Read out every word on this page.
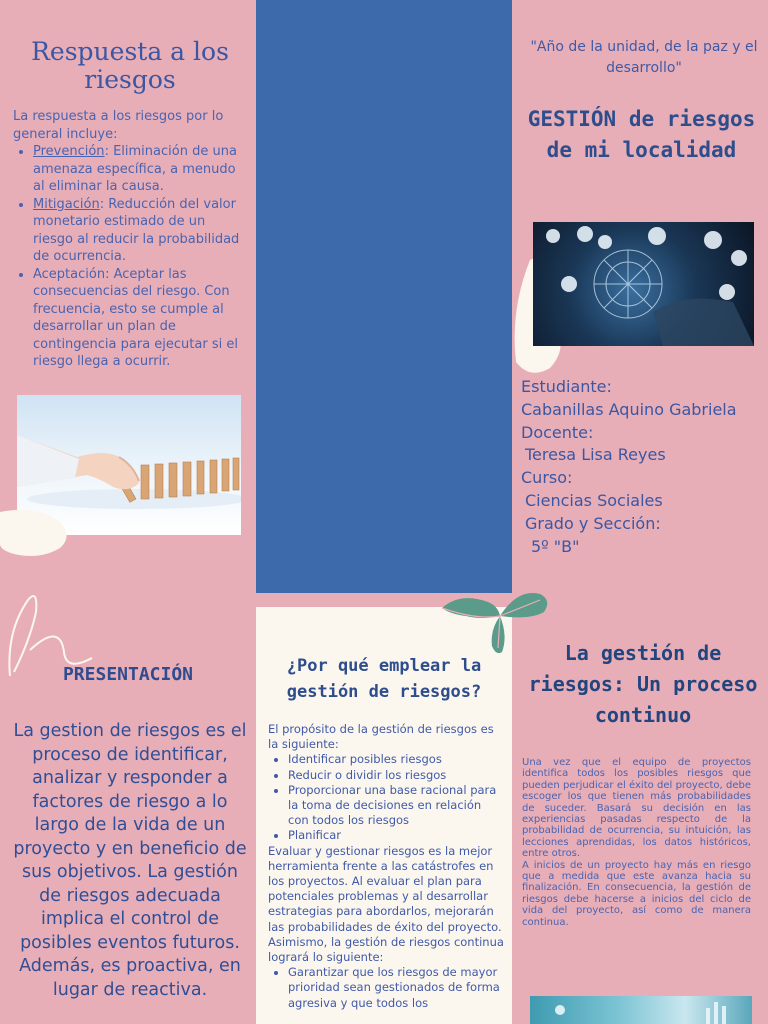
Respuesta a los riesgos
La respuesta a los riesgos por lo general incluye:
• Prevención: Eliminación de una amenaza específica, a menudo al eliminar la causa.
• Mitigación: Reducción del valor monetario estimado de un riesgo al reducir la probabilidad de ocurrencia.
• Aceptación: Aceptar las consecuencias del riesgo. Con frecuencia, esto se cumple al desarrollar un plan de contingencia para ejecutar si el riesgo llega a ocurrir.
PRESENTACIÓN
La gestion de riesgos es el proceso de identificar, analizar y responder a factores de riesgo a lo largo de la vida de un proyecto y en beneficio de sus objetivos. La gestión de riesgos adecuada implica el control de posibles eventos futuros. Además, es proactiva, en lugar de reactiva.
"Año de la unidad, de la paz y el desarrollo"
GESTIÓN de riesgos de mi localidad
Estudiante:
Cabanillas Aquino Gabriela
Docente:
Teresa Lisa Reyes
Curso:
Ciencias Sociales
Grado y Sección:
5º "B"
¿Por qué emplear la gestión de riesgos?

El propósito de la gestión de riesgos es la siguiente:

• Identificar posibles riesgos
• Reducir o dividir los riesgos
• Proporcionar una base racional para la toma de decisiones en relación con todos los riesgos
• Planificar

Evaluar y gestionar riesgos es la mejor herramienta frente a las catástrofes en los proyectos. Al evaluar el plan para potenciales problemas y al desarrollar estrategias para abordarlos, mejorarán las probabilidades de éxito del proyecto. Asimismo, la gestión de riesgos continua logrará lo siguiente:

• Garantizar que los riesgos de mayor prioridad sean gestionados de forma agresiva y que todos los
La gestión de riesgos: Un proceso continuo

Una vez que el equipo de proyectos identifica todos los posibles riesgos que pueden perjudicar el éxito del proyecto, debe escoger los que tienen más probabilidades de suceder. Basará su decisión en las experiencias pasadas respecto de la probabilidad de ocurrencia, su intuición, las lecciones aprendidas, los datos históricos, entre otros.

A inicios de un proyecto hay más en riesgo que a medida que este avanza hacia su finalización. En consecuencia, la gestión de riesgos debe hacerse a inicios del ciclo de vida del proyecto, así como de manera continua.
